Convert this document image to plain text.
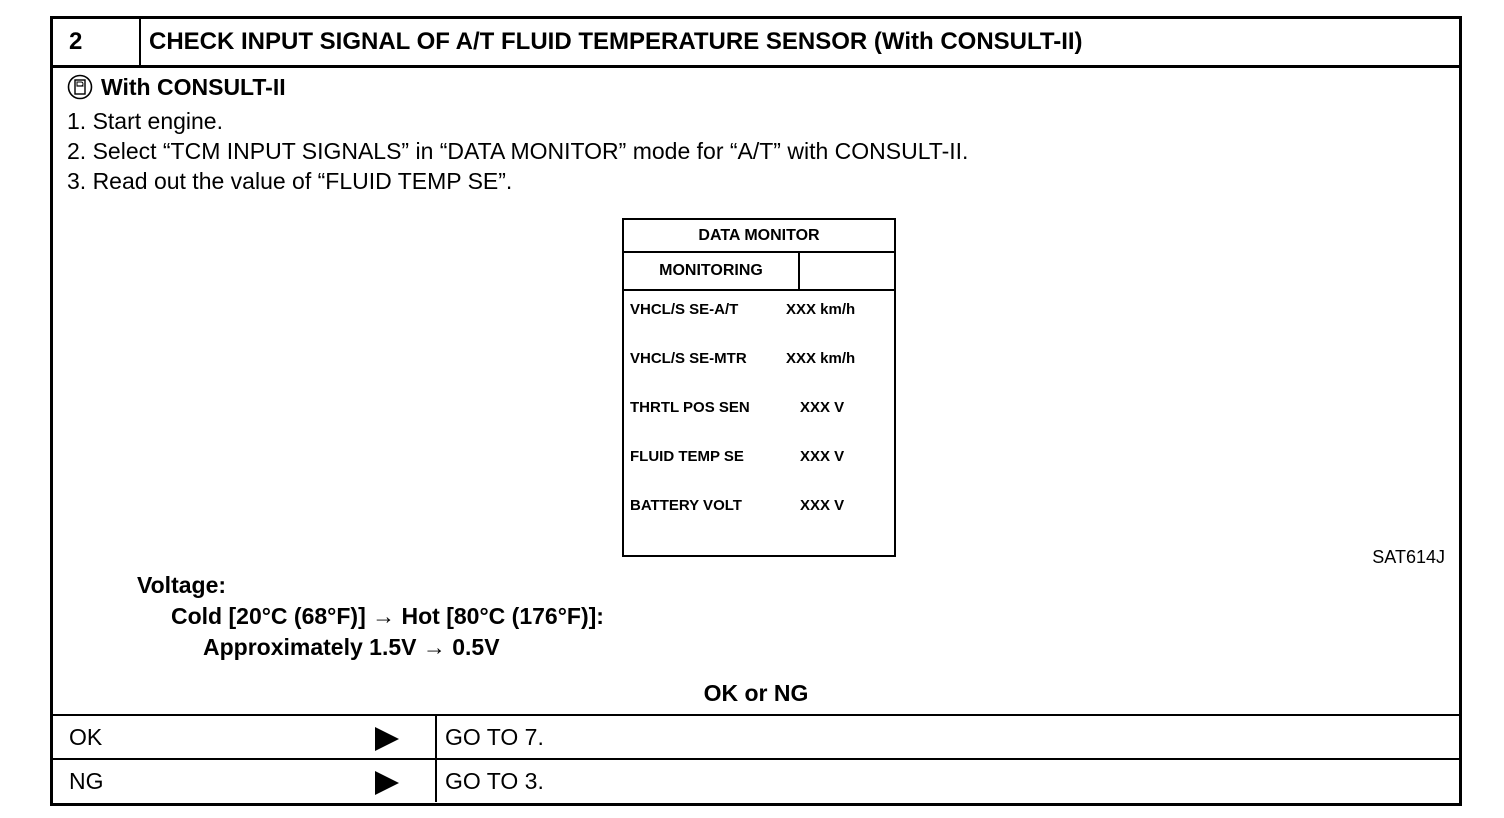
2	CHECK INPUT SIGNAL OF A/T FLUID TEMPERATURE SENSOR (With CONSULT-II)
With CONSULT-II
1. Start engine.
2. Select “TCM INPUT SIGNALS” in “DATA MONITOR” mode for “A/T” with CONSULT-II.
3. Read out the value of “FLUID TEMP SE”.
DATA MONITOR
MONITORING
VHCL/S SE-A/T	XXX km/h
VHCL/S SE-MTR	XXX km/h
THRTL POS SEN	XXX V
FLUID TEMP SE	XXX V
BATTERY VOLT	XXX V
SAT614J
Voltage:
Cold [20°C (68°F)] → Hot [80°C (176°F)]:
Approximately 1.5V → 0.5V
OK or NG
OK	GO TO 7.
NG	GO TO 3.
